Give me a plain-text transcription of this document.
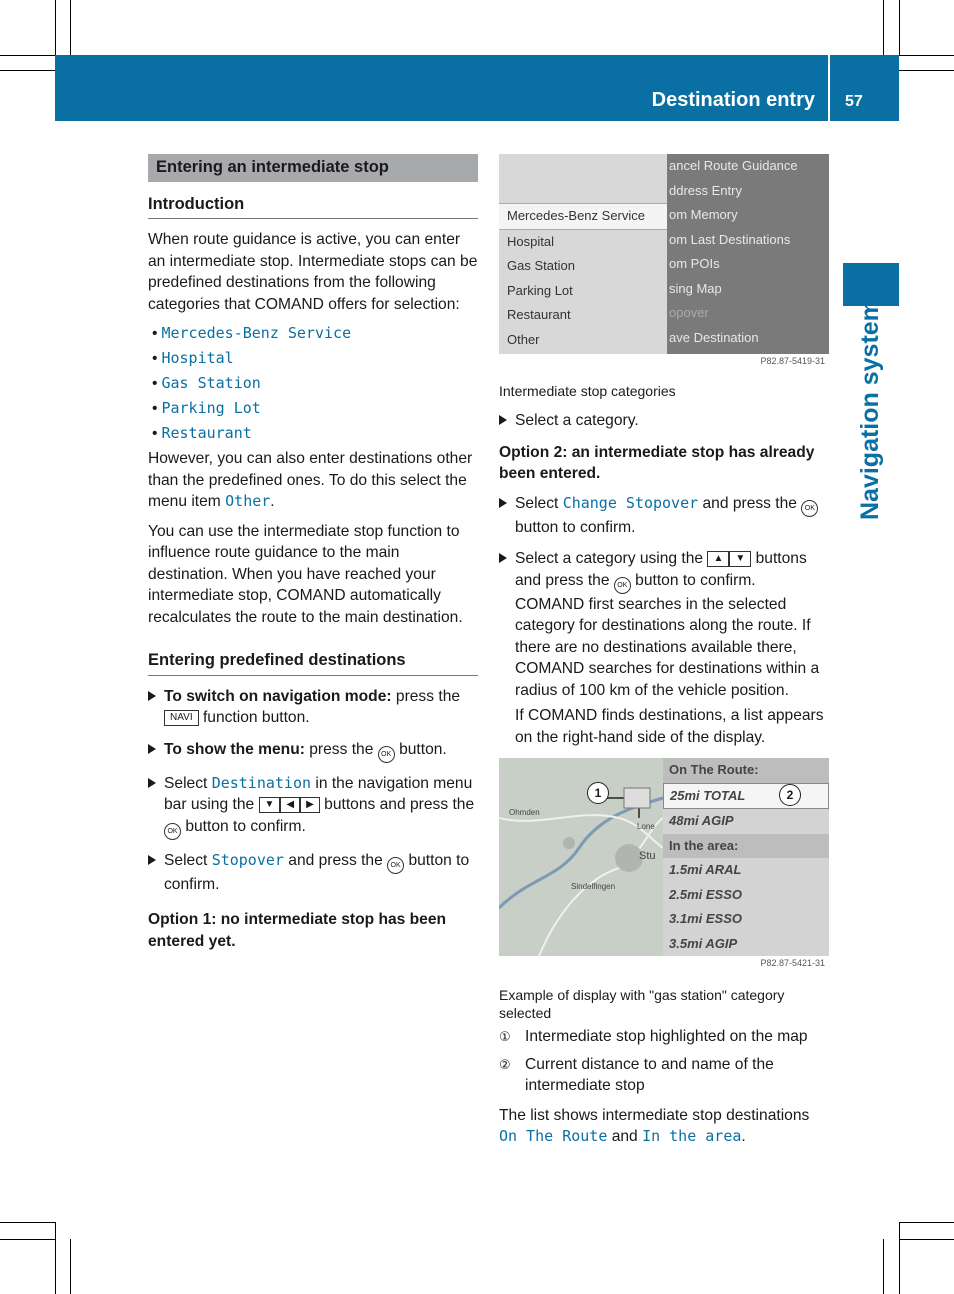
Destination entry 57
Navigation system
Entering an intermediate stop
Introduction

When route guidance is active, you can enter an intermediate stop. Intermediate stops can be predefined destinations from the following categories that COMAND offers for selection:

• Mercedes-Benz Service
• Hospital
• Gas Station
• Parking Lot
• Restaurant

However, you can also enter destinations other than the predefined ones. To do this select the menu item Other.

You can use the intermediate stop function to influence route guidance to the main destination. When you have reached your intermediate stop, COMAND automatically recalculates the route to the main destination.

Entering predefined destinations
To switch on navigation mode: press the NAVI function button.
To show the menu: press the OK button.
Select Destination in the navigation menu bar using the ▼ ◀ ▶ buttons and press the OK button to confirm.
Select Stopover and press the OK button to confirm.

Option 1: no intermediate stop has been entered yet.

Mercedes-Benz Service
Hospital
Gas Station
Parking Lot
Restaurant
Other
ancel Route Guidance
ddress Entry
om Memory
om Last Destinations
om POIs
sing Map
opover
ave Destination
P82.87-5419-31
Intermediate stop categories
Select a category.

Option 2: an intermediate stop has already been entered.

Select Change Stopover and press the OK button to confirm.
Select a category using the ▲ ▼ buttons and press the OK button to confirm. COMAND first searches in the selected category for destinations along the route. If there are no destinations available there, COMAND searches for destinations within a radius of 100 km of the vehicle position.

If COMAND finds destinations, a list appears on the right-hand side of the display.

1
Ohmden
Sindelfingen
Stu
Lone
On The Route:
25mi TOTAL
48mi AGIP
In the area:
1.5mi ARAL
2.5mi ESSO
3.1mi ESSO
3.5mi AGIP
2
P82.87-5421-31
Example of display with "gas station" category selected
① Intermediate stop highlighted on the map
② Current distance to and name of the intermediate stop

The list shows intermediate stop destinations On The Route and In the area.
